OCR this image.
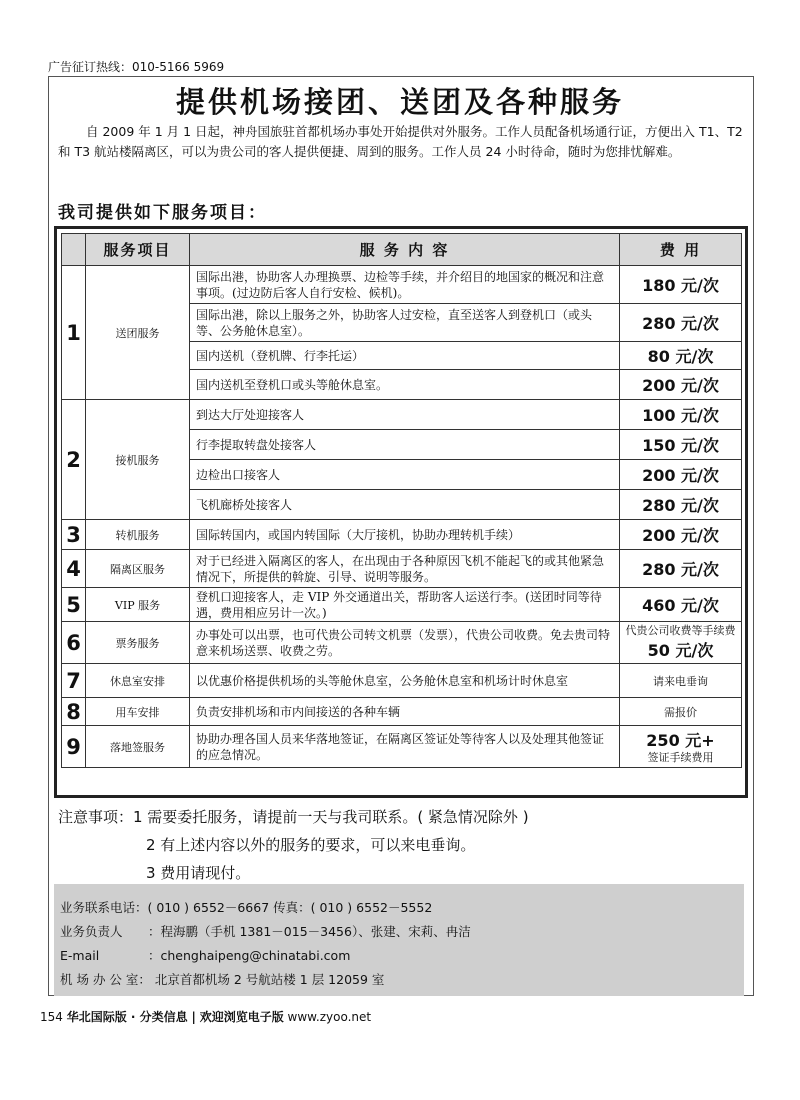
广告征订热线：010-5166 5969
提供机场接团、送团及各种服务
自 2009 年 1 月 1 日起，神舟国旅驻首都机场办事处开始提供对外服务。工作人员配备机场通行证，方便出入 T1、T2 和 T3 航站楼隔离区，可以为贵公司的客人提供便捷、周到的服务。工作人员 24 小时待命，随时为您排忧解难。
我司提供如下服务项目：
	服务项目	服 务 内 容	费 用
1	送团服务	国际出港，协助客人办理换票、边检等手续，并介绍目的地国家的概况和注意事项。(过边防后客人自行安检、候机)。	180 元/次
		国际出港，除以上服务之外，协助客人过安检，直至送客人到登机口（或头等、公务舱休息室）。	280 元/次
		国内送机（登机牌、行李托运）	80 元/次
		国内送机至登机口或头等舱休息室。	200 元/次
2	接机服务	到达大厅处迎接客人	100 元/次
		行李提取转盘处接客人	150 元/次
		边检出口接客人	200 元/次
		飞机廊桥处接客人	280 元/次
3	转机服务	国际转国内，或国内转国际（大厅接机，协助办理转机手续）	200 元/次
4	隔离区服务	对于已经进入隔离区的客人，在出现由于各种原因飞机不能起飞的或其他紧急情况下，所提供的斡旋、引导、说明等服务。	280 元/次
5	VIP 服务	登机口迎接客人，走 VIP 外交通道出关，帮助客人运送行李。(送团时同等待遇，费用相应另计一次。)	460 元/次
6	票务服务	办事处可以出票，也可代贵公司转文机票（发票），代贵公司收费。免去贵司特意来机场送票、收费之劳。	代贵公司收费等手续费
50 元/次
7	休息室安排	以优惠价格提供机场的头等舱休息室，公务舱休息室和机场计时休息室	请来电垂询
8	用车安排	负责安排机场和市内间接送的各种车辆	需报价
9	落地签服务	协助办理各国人员来华落地签证，在隔离区签证处等待客人以及处理其他签证的应急情况。	250 元+
签证手续费用
注意事项：1 需要委托服务，请提前一天与我司联系。( 紧急情况除外 )

2 有上述内容以外的服务的要求，可以来电垂询。
3 费用请现付。
业务联系电话：( 010 ) 6552－6667 传真：( 010 ) 6552－5552
业务负责人 ：程海鹏（手机 1381－015－3456）、张建、宋莉、冉洁
E-mail	：chenghaipeng@chinatabi.com
机 场 办 公 室： 北京首都机场 2 号航站楼 1 层 12059 室
154 华北国际版 · 分类信息 | 欢迎浏览电子版 www.zyoo.net
